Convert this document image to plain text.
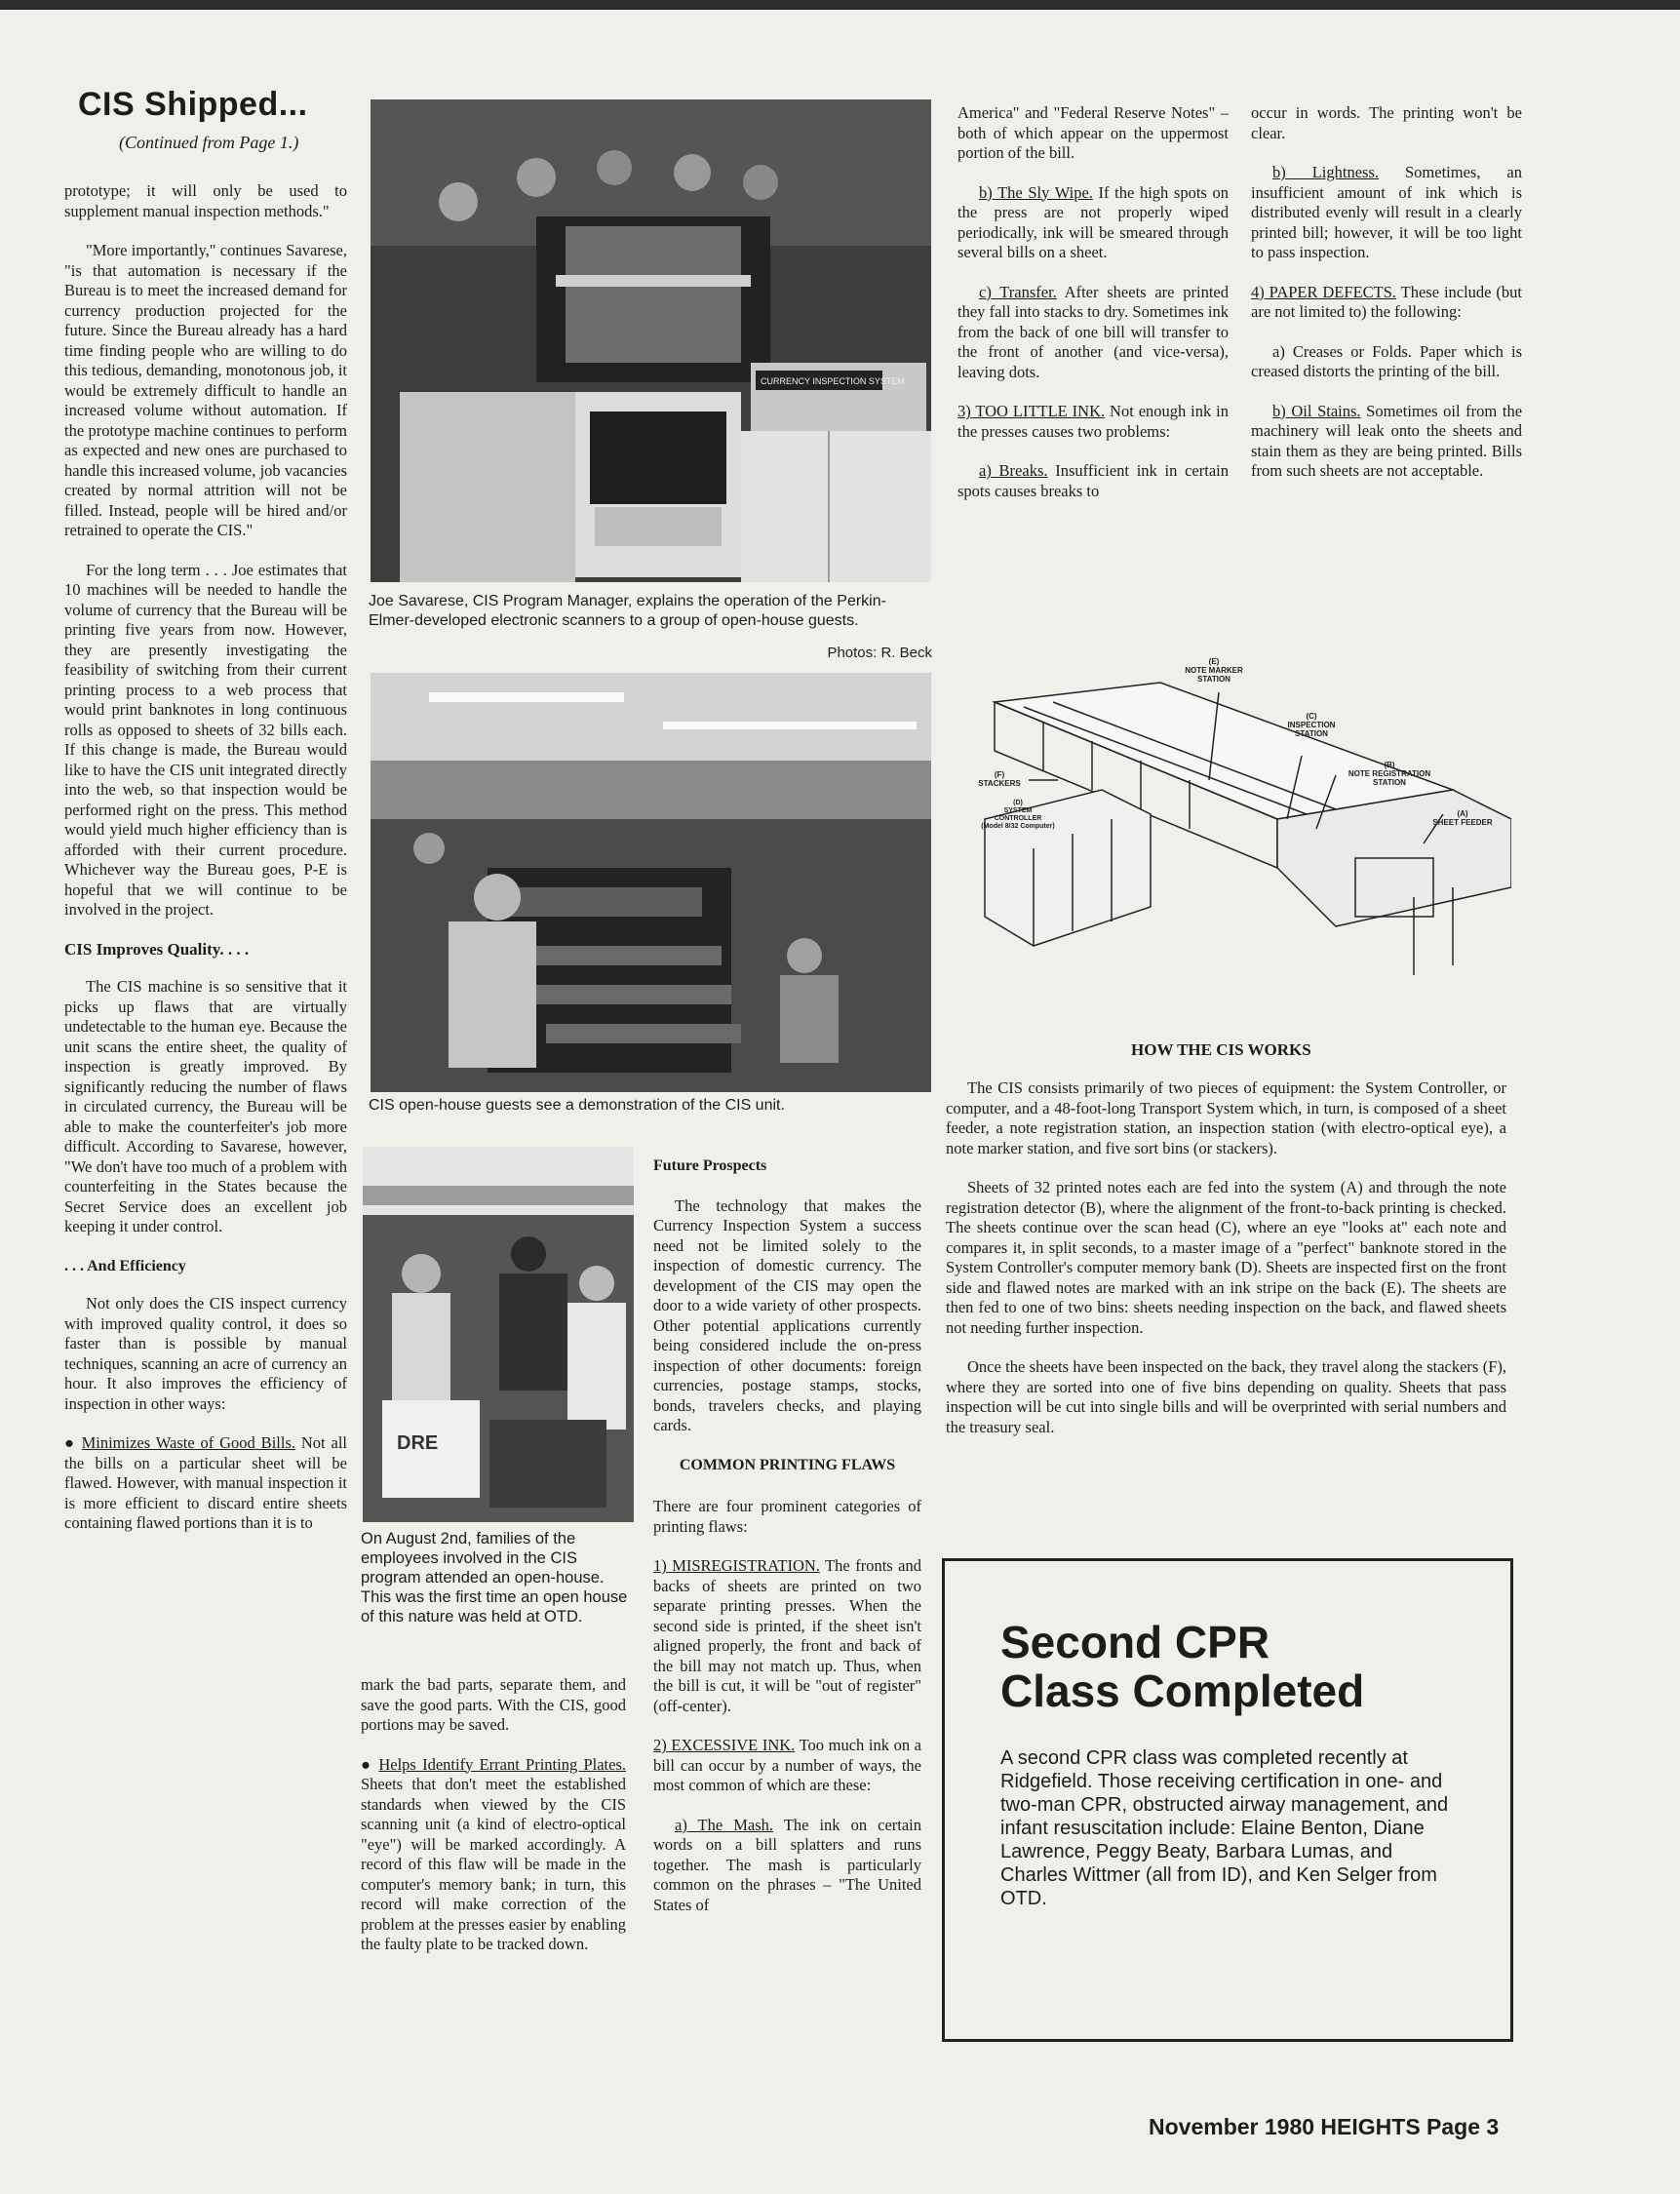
CIS Shipped...
(Continued from Page 1.)

prototype; it will only be used to supplement manual inspection methods."

"More importantly," continues Savarese, "is that automation is necessary if the Bureau is to meet the increased demand for currency production projected for the future. Since the Bureau already has a hard time finding people who are willing to do this tedious, demanding, monotonous job, it would be extremely difficult to handle an increased volume without automation. If the prototype machine continues to perform as expected and new ones are purchased to handle this increased volume, job vacancies created by normal attrition will not be filled. Instead, people will be hired and/or retrained to operate the CIS."

For the long term . . . Joe estimates that 10 machines will be needed to handle the volume of currency that the Bureau will be printing five years from now. However, they are presently investigating the feasibility of switching from their current printing process to a web process that would print banknotes in long continuous rolls as opposed to sheets of 32 bills each. If this change is made, the Bureau would like to have the CIS unit integrated directly into the web, so that inspection would be performed right on the press. This method would yield much higher efficiency than is afforded with their current procedure. Whichever way the Bureau goes, P-E is hopeful that we will continue to be involved in the project.

CIS Improves Quality. . . .

The CIS machine is so sensitive that it picks up flaws that are virtually undetectable to the human eye. Because the unit scans the entire sheet, the quality of inspection is greatly improved. By significantly reducing the number of flaws in circulated currency, the Bureau will be able to make the counterfeiter's job more difficult. According to Savarese, however, "We don't have too much of a problem with counterfeiting in the States because the Secret Service does an excellent job keeping it under control.

. . . And Efficiency

Not only does the CIS inspect currency with improved quality control, it does so faster than is possible by manual techniques, scanning an acre of currency an hour. It also improves the efficiency of inspection in other ways:

● Minimizes Waste of Good Bills. Not all the bills on a particular sheet will be flawed. However, with manual inspection it is more efficient to discard entire sheets containing flawed portions than it is to

CURRENCY INSPECTION SYSTEM
Joe Savarese, CIS Program Manager, explains the operation of the Perkin-Elmer-developed electronic scanners to a group of open-house guests.
Photos: R. Beck
CIS open-house guests see a demonstration of the CIS unit.
DRE
On August 2nd, families of the employees involved in the CIS program attended an open-house. This was the first time an open house of this nature was held at OTD.

mark the bad parts, separate them, and save the good parts. With the CIS, good portions may be saved.

● Helps Identify Errant Printing Plates. Sheets that don't meet the established standards when viewed by the CIS scanning unit (a kind of electro-optical "eye") will be marked accordingly. A record of this flaw will be made in the computer's memory bank; in turn, this record will make correction of the problem at the presses easier by enabling the faulty plate to be tracked down.

Future Prospects

The technology that makes the Currency Inspection System a success need not be limited solely to the inspection of domestic currency. The development of the CIS may open the door to a wide variety of other prospects. Other potential applications currently being considered include the on-press inspection of other documents: foreign currencies, postage stamps, stocks, bonds, travelers checks, and playing cards.

COMMON PRINTING FLAWS

There are four prominent categories of printing flaws:

1) MISREGISTRATION. The fronts and backs of sheets are printed on two separate printing presses. When the second side is printed, if the sheet isn't aligned properly, the front and back of the bill may not match up. Thus, when the bill is cut, it will be "out of register" (off-center).

2) EXCESSIVE INK. Too much ink on a bill can occur by a number of ways, the most common of which are these:

a) The Mash. The ink on certain words on a bill splatters and runs together. The mash is particularly common on the phrases – "The United States of

America" and "Federal Reserve Notes" – both of which appear on the uppermost portion of the bill.

b) The Sly Wipe. If the high spots on the press are not properly wiped periodically, ink will be smeared through several bills on a sheet.

c) Transfer. After sheets are printed they fall into stacks to dry. Sometimes ink from the back of one bill will transfer to the front of another (and vice-versa), leaving dots.

3) TOO LITTLE INK. Not enough ink in the presses causes two problems:

a) Breaks. Insufficient ink in certain spots causes breaks to

occur in words. The printing won't be clear.

b) Lightness. Sometimes, an insufficient amount of ink which is distributed evenly will result in a clearly printed bill; however, it will be too light to pass inspection.

4) PAPER DEFECTS. These include (but are not limited to) the following:

a) Creases or Folds. Paper which is creased distorts the printing of the bill.

b) Oil Stains. Sometimes oil from the machinery will leak onto the sheets and stain them as they are being printed. Bills from such sheets are not acceptable.

(E)
NOTE MARKER
STATION
(C)
INSPECTION
STATION
(B)
NOTE REGISTRATION
STATION
(A)
SHEET FEEDER
(F)
STACKERS
(D)
SYSTEM
CONTROLLER
(Model 8/32 Computer)
HOW THE CIS WORKS

The CIS consists primarily of two pieces of equipment: the System Controller, or computer, and a 48-foot-long Transport System which, in turn, is composed of a sheet feeder, a note registration station, an inspection station (with electro-optical eye), a note marker station, and five sort bins (or stackers).

Sheets of 32 printed notes each are fed into the system (A) and through the note registration detector (B), where the alignment of the front-to-back printing is checked. The sheets continue over the scan head (C), where an eye "looks at" each note and compares it, in split seconds, to a master image of a "perfect" banknote stored in the System Controller's computer memory bank (D). Sheets are inspected first on the front side and flawed notes are marked with an ink stripe on the back (E). The sheets are then fed to one of two bins: sheets needing inspection on the back, and flawed sheets not needing further inspection.

Once the sheets have been inspected on the back, they travel along the stackers (F), where they are sorted into one of five bins depending on quality. Sheets that pass inspection will be cut into single bills and will be overprinted with serial numbers and the treasury seal.

Second CPR
Class Completed
A second CPR class was completed recently at Ridgefield. Those receiving certification in one- and two-man CPR, obstructed airway management, and infant resuscitation include: Elaine Benton, Diane Lawrence, Peggy Beaty, Barbara Lumas, and Charles Wittmer (all from ID), and Ken Selger from OTD.
November 1980 HEIGHTS Page 3
